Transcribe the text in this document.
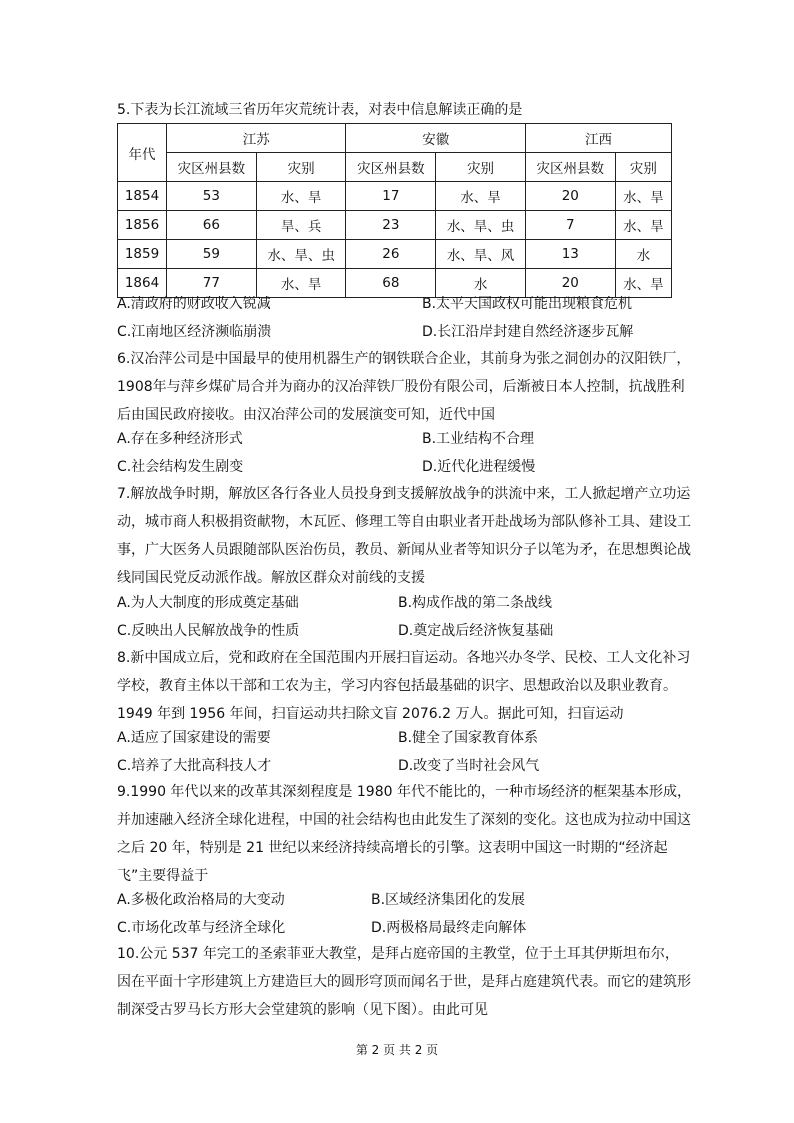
5.下表为长江流域三省历年灾荒统计表，对表中信息解读正确的是
年代	江苏		安徽		江西	
	灾区州县数	灾别	灾区州县数	灾别	灾区州县数	灾别
1854	53	水、旱	17	水、旱	20	水、旱
1856	66	旱、兵	23	水、旱、虫	7	水、旱
1859	59	水、旱、虫	26	水、旱、风	13	水
1864	77	水、旱	68	水	20	水、旱
A.清政府的财政收入锐减	B.太平天国政权可能出现粮食危机
C.江南地区经济濒临崩溃	D.长江沿岸封建自然经济逐步瓦解
6.汉冶萍公司是中国最早的使用机器生产的钢铁联合企业，其前身为张之洞创办的汉阳铁厂，1908年与萍乡煤矿局合并为商办的汉冶萍铁厂股份有限公司，后渐被日本人控制，抗战胜利后由国民政府接收。由汉冶萍公司的发展演变可知，近代中国
A.存在多种经济形式	B.工业结构不合理
C.社会结构发生剧变	D.近代化进程缓慢
7.解放战争时期，解放区各行各业人员投身到支援解放战争的洪流中来，工人掀起增产立功运动，城市商人积极捐资献物，木瓦匠、修理工等自由职业者开赴战场为部队修补工具、建设工事，广大医务人员跟随部队医治伤员，教员、新闻从业者等知识分子以笔为矛，在思想舆论战线同国民党反动派作战。解放区群众对前线的支援
A.为人大制度的形成奠定基础	B.构成作战的第二条战线
C.反映出人民解放战争的性质	D.奠定战后经济恢复基础
8.新中国成立后，党和政府在全国范围内开展扫盲运动。各地兴办冬学、民校、工人文化补习学校，教育主体以干部和工农为主，学习内容包括最基础的识字、思想政治以及职业教育。1949 年到 1956 年间，扫盲运动共扫除文盲 2076.2 万人。据此可知，扫盲运动
A.适应了国家建设的需要	B.健全了国家教育体系
C.培养了大批高科技人才	D.改变了当时社会风气
9.1990 年代以来的改革其深刻程度是 1980 年代不能比的，一种市场经济的框架基本形成，并加速融入经济全球化进程，中国的社会结构也由此发生了深刻的变化。这也成为拉动中国这之后 20 年，特别是 21 世纪以来经济持续高增长的引擎。这表明中国这一时期的“经济起飞”主要得益于
A.多极化政治格局的大变动	B.区域经济集团化的发展
C.市场化改革与经济全球化	D.两极格局最终走向解体
10.公元 537 年完工的圣索菲亚大教堂，是拜占庭帝国的主教堂，位于土耳其伊斯坦布尔，因在平面十字形建筑上方建造巨大的圆形穹顶而闻名于世，是拜占庭建筑代表。而它的建筑形制深受古罗马长方形大会堂建筑的影响（见下图）。由此可见
第 2 页 共 2 页
